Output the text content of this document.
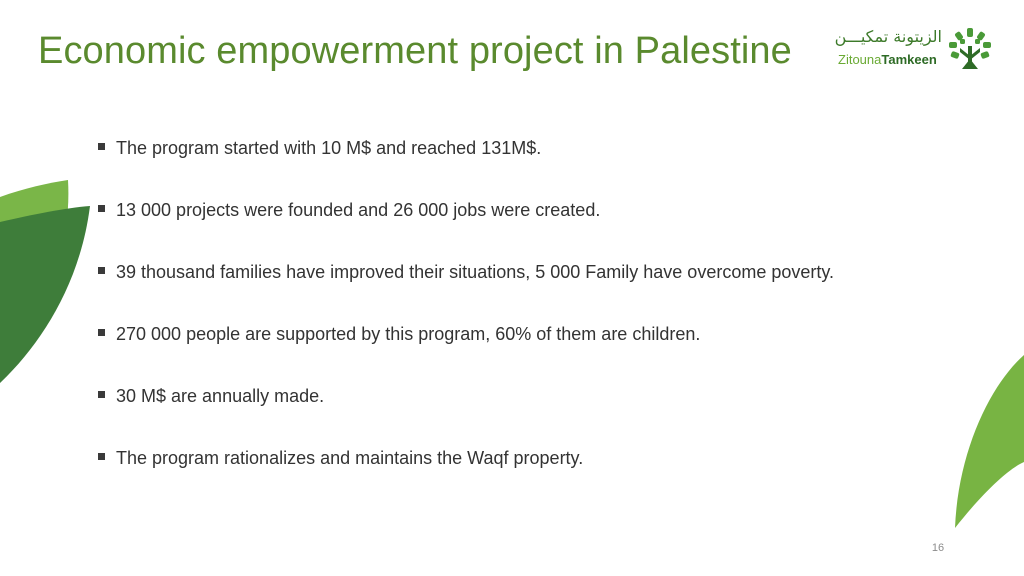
Economic empowerment project in Palestine	الزيتونة تمكيـــن
ZitounaTamkeen
The program started with 10 M$ and reached 131M$.
13 000 projects were founded and 26 000 jobs were created.
39 thousand families have improved their situations, 5 000 Family have overcome poverty.
270 000 people are supported by this program, 60% of them are children.
30 M$ are annually made.
The program rationalizes and maintains the Waqf property.
16
